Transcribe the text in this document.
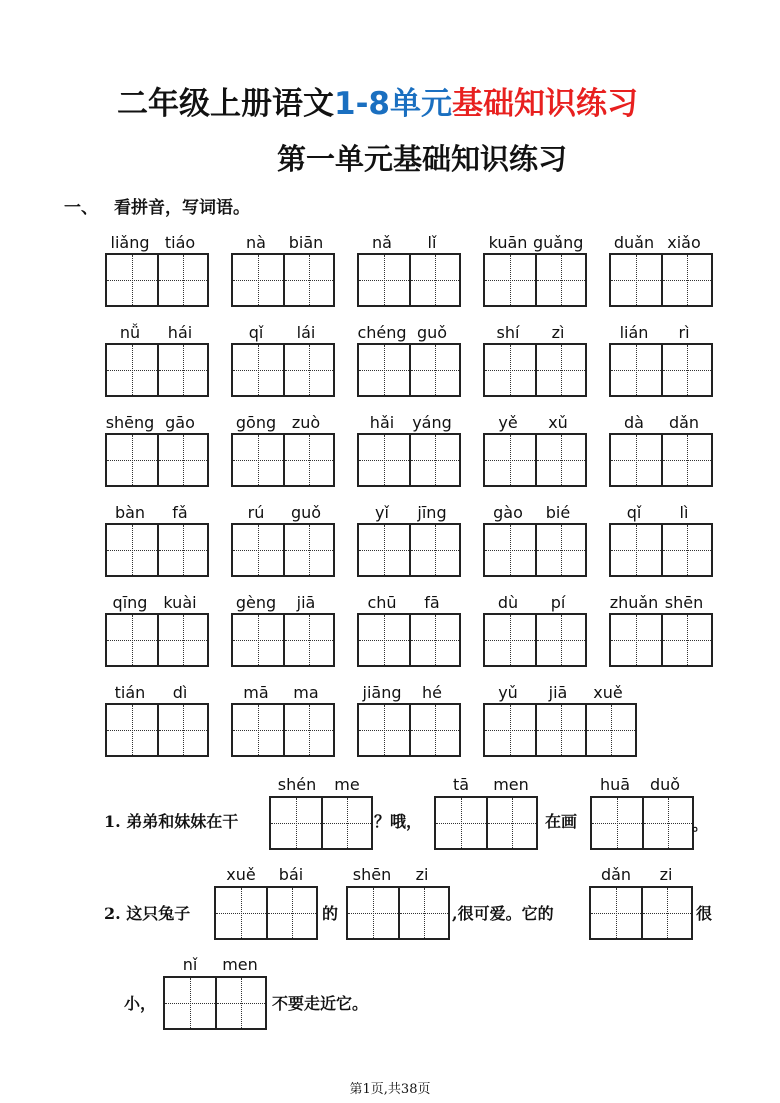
二年级上册语文1-8单元基础知识练习
第一单元基础知识练习
一、 看拼音，写词语。
liǎng tiáo	nà	biān	nǎ	lǐ	kuān guǎng	duǎn xiǎo
nǚ	hái	qǐ	lái	chéng guǒ	shí	zì	lián	rì
shēng gāo	gōng zuò	hǎi	yáng	yě	xǔ	dà	dǎn
bàn	fǎ	rú	guǒ	yǐ	jīng	gào	bié	qǐ	lì
qīng kuài	gèng	jiā	chū	fā	dù	pí	zhuǎn shēn
tián	dì	mā	ma	jiāng	hé	yǔ	jiā	xuě
1. 弟弟和妹妹在干
shén	me
？哦，
tā	men
在画
huā	duǒ
。
2. 这只兔子
xuě	bái
的
shēn	zi
,很可爱。它的
dǎn	zi
很
小，
nǐ	men
不要走近它。
第1页,共38页
